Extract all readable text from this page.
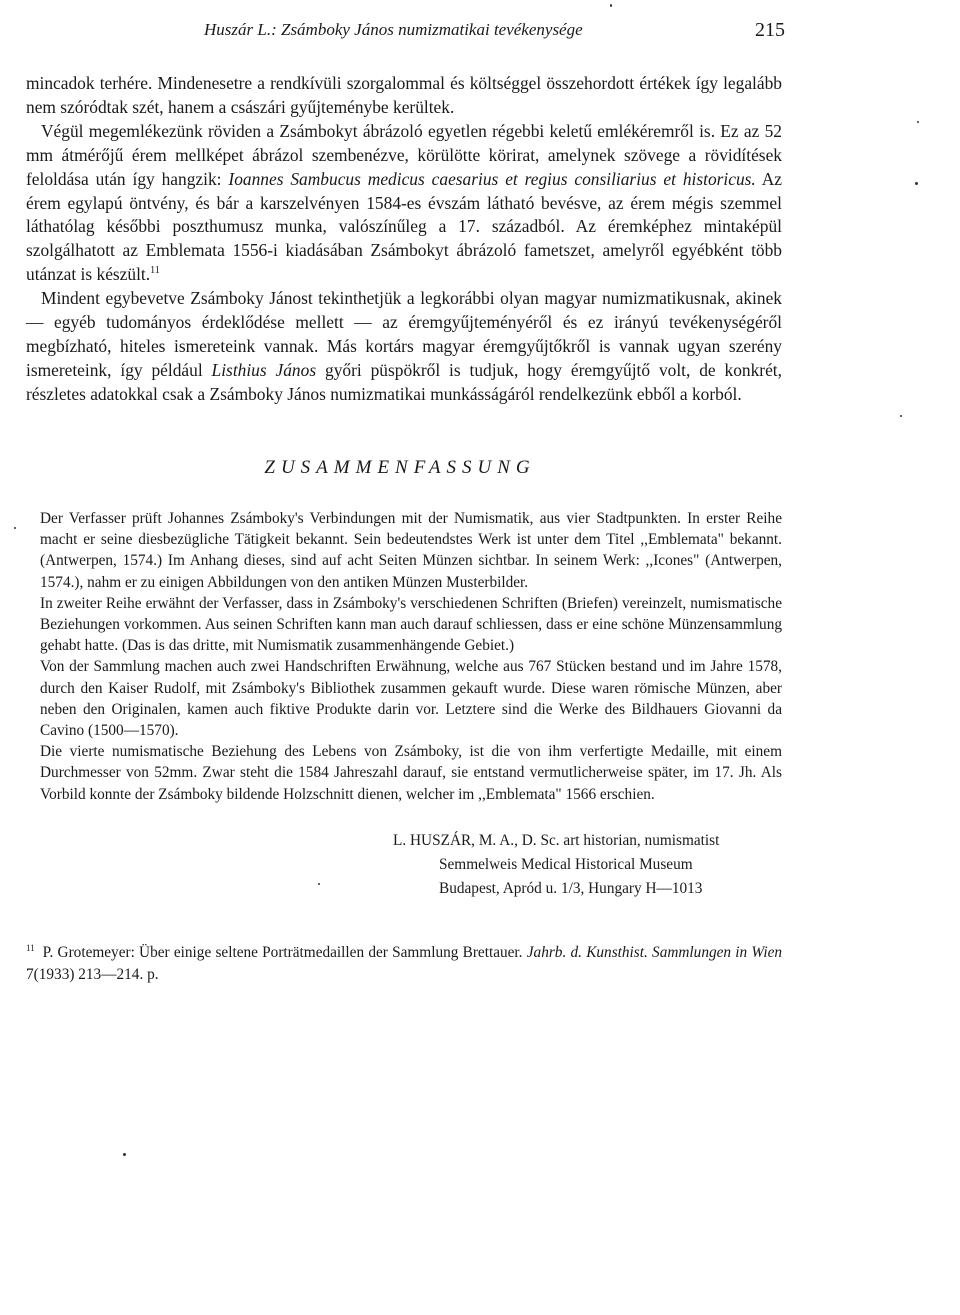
Huszár L.: Zsámboky János numizmatikai tevékenysége	215

mincadok terhére. Mindenesetre a rendkívüli szorgalommal és költséggel összehordott értékek így legalább nem szóródtak szét, hanem a császári gyűjteménybe kerültek.

Végül megemlékezünk röviden a Zsámbokyt ábrázoló egyetlen régebbi keletű emlékéremről is. Ez az 52 mm átmérőjű érem mellképet ábrázol szembenézve, körülötte körirat, amelynek szövege a rövidítések feloldása után így hangzik: Ioannes Sambucus medicus caesarius et regius consiliarius et historicus. Az érem egylapú öntvény, és bár a karszelvényen 1584-es évszám látható bevésve, az érem mégis szemmel láthatólag későbbi poszthumusz munka, valószínűleg a 17. századból. Az éremképhez mintaképül szolgálhatott az Emblemata 1556-i kiadásában Zsámbokyt ábrázoló fametszet, amelyről egyébként több utánzat is készült.$^{11}$

Mindent egybevetve Zsámboky Jánost tekinthetjük a legkorábbi olyan magyar numizmatikusnak, akinek — egyéb tudományos érdeklődése mellett — az éremgyűjteményéről és ez irányú tevékenységéről megbízható, hiteles ismereteink vannak. Más kortárs magyar éremgyűjtőkről is vannak ugyan szerény ismereteink, így például Listhius János győri püspökről is tudjuk, hogy éremgyűjtő volt, de konkrét, részletes adatokkal csak a Zsámboky János numizmatikai munkásságáról rendelkezünk ebből a korból.

ZUSAMMENFASSUNG

Der Verfasser prüft Johannes Zsámboky's Verbindungen mit der Numismatik, aus vier Stadtpunkten. In erster Reihe macht er seine diesbezügliche Tätigkeit bekannt. Sein bedeutendstes Werk ist unter dem Titel ,,Emblemata" bekannt. (Antwerpen, 1574.) Im Anhang dieses, sind auf acht Seiten Münzen sichtbar. In seinem Werk: ,,Icones" (Antwerpen, 1574.), nahm er zu einigen Abbildungen von den antiken Münzen Musterbilder.

In zweiter Reihe erwähnt der Verfasser, dass in Zsámboky's verschiedenen Schriften (Briefen) vereinzelt, numismatische Beziehungen vorkommen. Aus seinen Schriften kann man auch darauf schliessen, dass er eine schöne Münzensammlung gehabt hatte. (Das is das dritte, mit Numismatik zusammenhängende Gebiet.)

Von der Sammlung machen auch zwei Handschriften Erwähnung, welche aus 767 Stücken bestand und im Jahre 1578, durch den Kaiser Rudolf, mit Zsámboky's Bibliothek zusammen gekauft wurde. Diese waren römische Münzen, aber neben den Originalen, kamen auch fiktive Produkte darin vor. Letztere sind die Werke des Bildhauers Giovanni da Cavino (1500—1570).

Die vierte numismatische Beziehung des Lebens von Zsámboky, ist die von ihm verfertigte Medaille, mit einem Durchmesser von 52mm. Zwar steht die 1584 Jahreszahl darauf, sie entstand vermutlicherweise später, im 17. Jh. Als Vorbild konnte der Zsámboky bildende Holzschnitt dienen, welcher im ,,Emblemata" 1566 erschien.

L. HUSZÁR, M. A., D. Sc. art historian, numismatist
Semmelweis Medical Historical Museum
Budapest, Apród u. 1/3, Hungary H—1013
$^{11}$ P. Grotemeyer: Über einige seltene Porträtmedaillen der Sammlung Brettauer. Jahrb. d. Kunsthist. Sammlungen in Wien 7(1933) 213—214. p.
